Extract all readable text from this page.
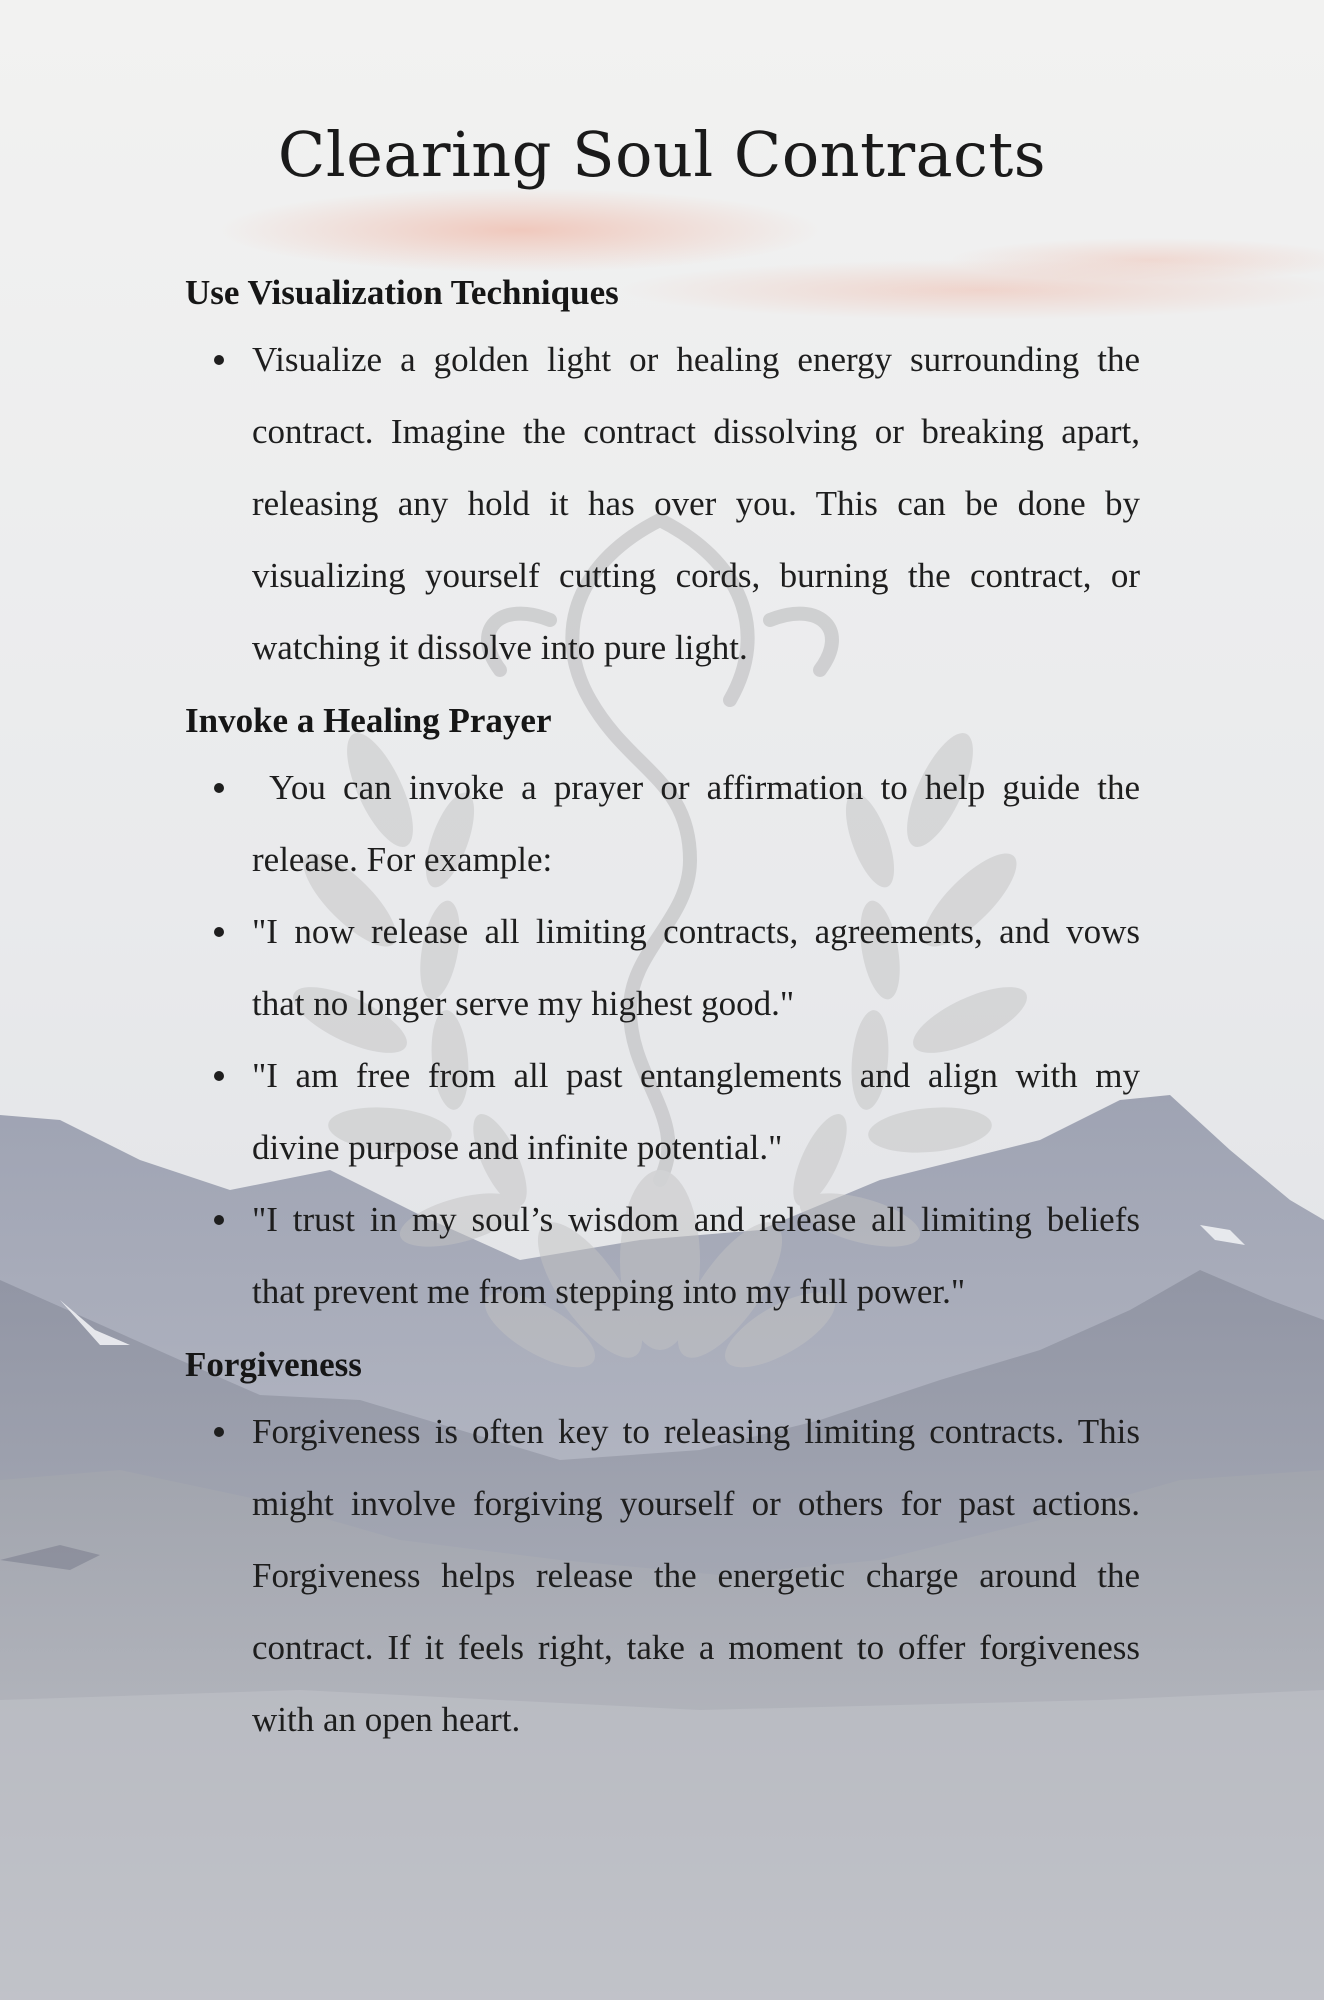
Clearing Soul Contracts
Use Visualization Techniques
Visualize a golden light or healing energy surrounding the contract. Imagine the contract dissolving or breaking apart, releasing any hold it has over you. This can be done by visualizing yourself cutting cords, burning the contract, or watching it dissolve into pure light.
Invoke a Healing Prayer
You can invoke a prayer or affirmation to help guide the release. For example:
"I now release all limiting contracts, agreements, and vows that no longer serve my highest good."
"I am free from all past entanglements and align with my divine purpose and infinite potential."
"I trust in my soul’s wisdom and release all limiting beliefs that prevent me from stepping into my full power."
Forgiveness
Forgiveness is often key to releasing limiting contracts. This might involve forgiving yourself or others for past actions. Forgiveness helps release the energetic charge around the contract. If it feels right, take a moment to offer forgiveness with an open heart.
